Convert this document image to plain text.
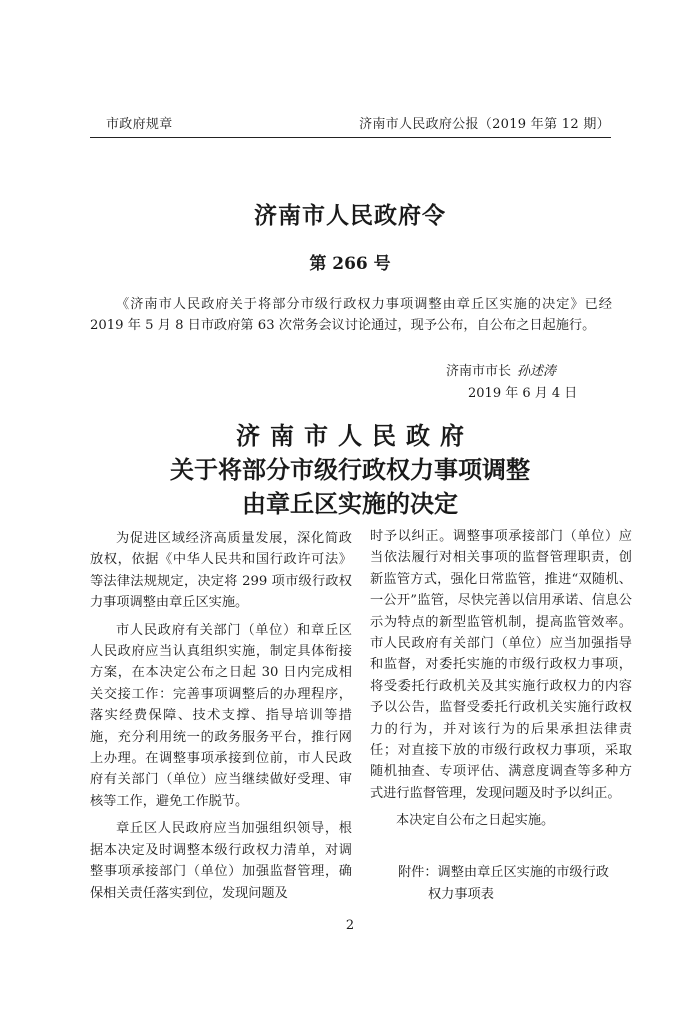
市政府规章	济南市人民政府公报（2019 年第 12 期）
济南市人民政府令
第 266 号
《济南市人民政府关于将部分市级行政权力事项调整由章丘区实施的决定》已经 2019 年 5 月 8 日市政府第 63 次常务会议讨论通过，现予公布，自公布之日起施行。
济南市市长 孙述涛
2019 年 6 月 4 日
济南市人民政府
关于将部分市级行政权力事项调整
由章丘区实施的决定

为促进区域经济高质量发展，深化简政放权，依据《中华人民共和国行政许可法》等法律法规规定，决定将 299 项市级行政权力事项调整由章丘区实施。

市人民政府有关部门（单位）和章丘区人民政府应当认真组织实施，制定具体衔接方案，在本决定公布之日起 30 日内完成相关交接工作：完善事项调整后的办理程序，落实经费保障、技术支撑、指导培训等措施，充分利用统一的政务服务平台，推行网上办理。在调整事项承接到位前，市人民政府有关部门（单位）应当继续做好受理、审核等工作，避免工作脱节。

章丘区人民政府应当加强组织领导，根据本决定及时调整本级行政权力清单，对调整事项承接部门（单位）加强监督管理，确保相关责任落实到位，发现问题及

时予以纠正。调整事项承接部门（单位）应当依法履行对相关事项的监督管理职责，创新监管方式，强化日常监管，推进“双随机、一公开”监管，尽快完善以信用承诺、信息公示为特点的新型监管机制，提高监管效率。市人民政府有关部门（单位）应当加强指导和监督，对委托实施的市级行政权力事项，将受委托行政机关及其实施行政权力的内容予以公告，监督受委托行政机关实施行政权力的行为，并对该行为的后果承担法律责任；对直接下放的市级行政权力事项，采取随机抽查、专项评估、满意度调查等多种方式进行监督管理，发现问题及时予以纠正。

本决定自公布之日起实施。

附件：调整由章丘区实施的市级行政
权力事项表
2
